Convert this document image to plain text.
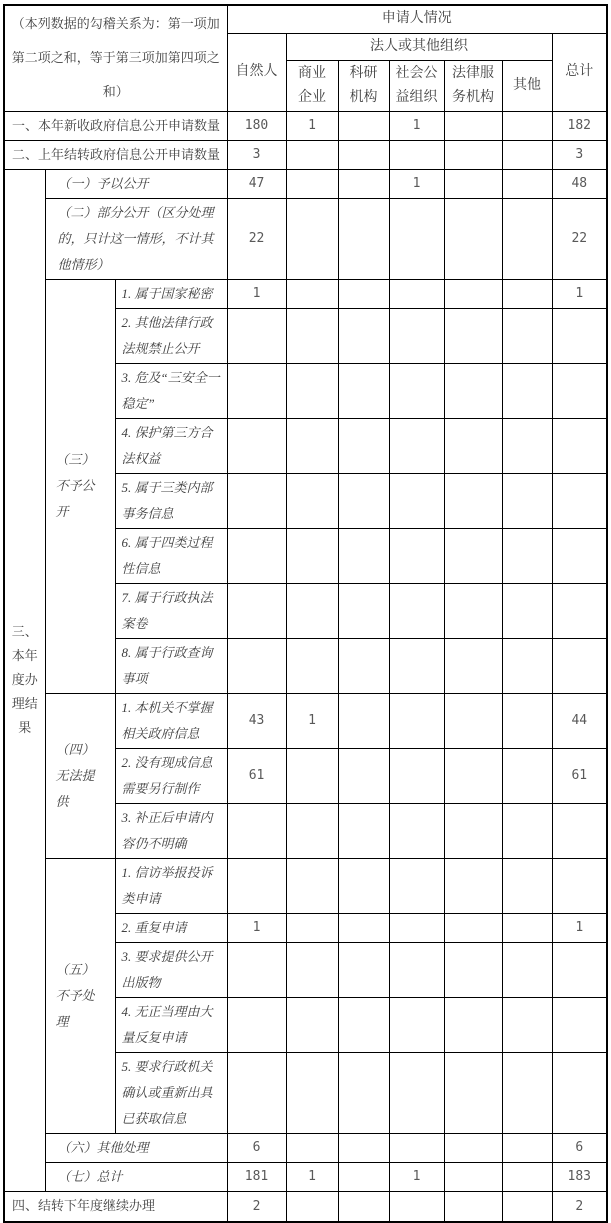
（本列数据的勾稽关系为：第一项加第二项之和，等于第三项加第四项之和）			申请人情况						
			自然人	法人或其他组织					总计
				商业企业	科研机构	社会公益组织	法律服务机构	其他	
一、本年新收政府信息公开申请数量			180	1		1			182
二、上年结转政府信息公开申请数量			3						3
三、本年度办理结果	（一）予以公开		47			1			48
	（二）部分公开（区分处理的，只计这一情形，不计其他情形）		22						22
	（三）不予公开	1. 属于国家秘密	1						1
		2. 其他法律行政法规禁止公开							
		3. 危及“三安全一稳定”							
		4. 保护第三方合法权益							
		5. 属于三类内部事务信息							
		6. 属于四类过程性信息							
		7. 属于行政执法案卷							
		8. 属于行政查询事项							
	（四）无法提供	1. 本机关不掌握相关政府信息	43	1					44
		2. 没有现成信息需要另行制作	61						61
		3. 补正后申请内容仍不明确							
	（五）不予处理	1. 信访举报投诉类申请							
		2. 重复申请	1						1
		3. 要求提供公开出版物							
		4. 无正当理由大量反复申请							
		5. 要求行政机关确认或重新出具已获取信息							
	（六）其他处理		6						6
	（七）总计		181	1		1			183
四、结转下年度继续办理			2						2
